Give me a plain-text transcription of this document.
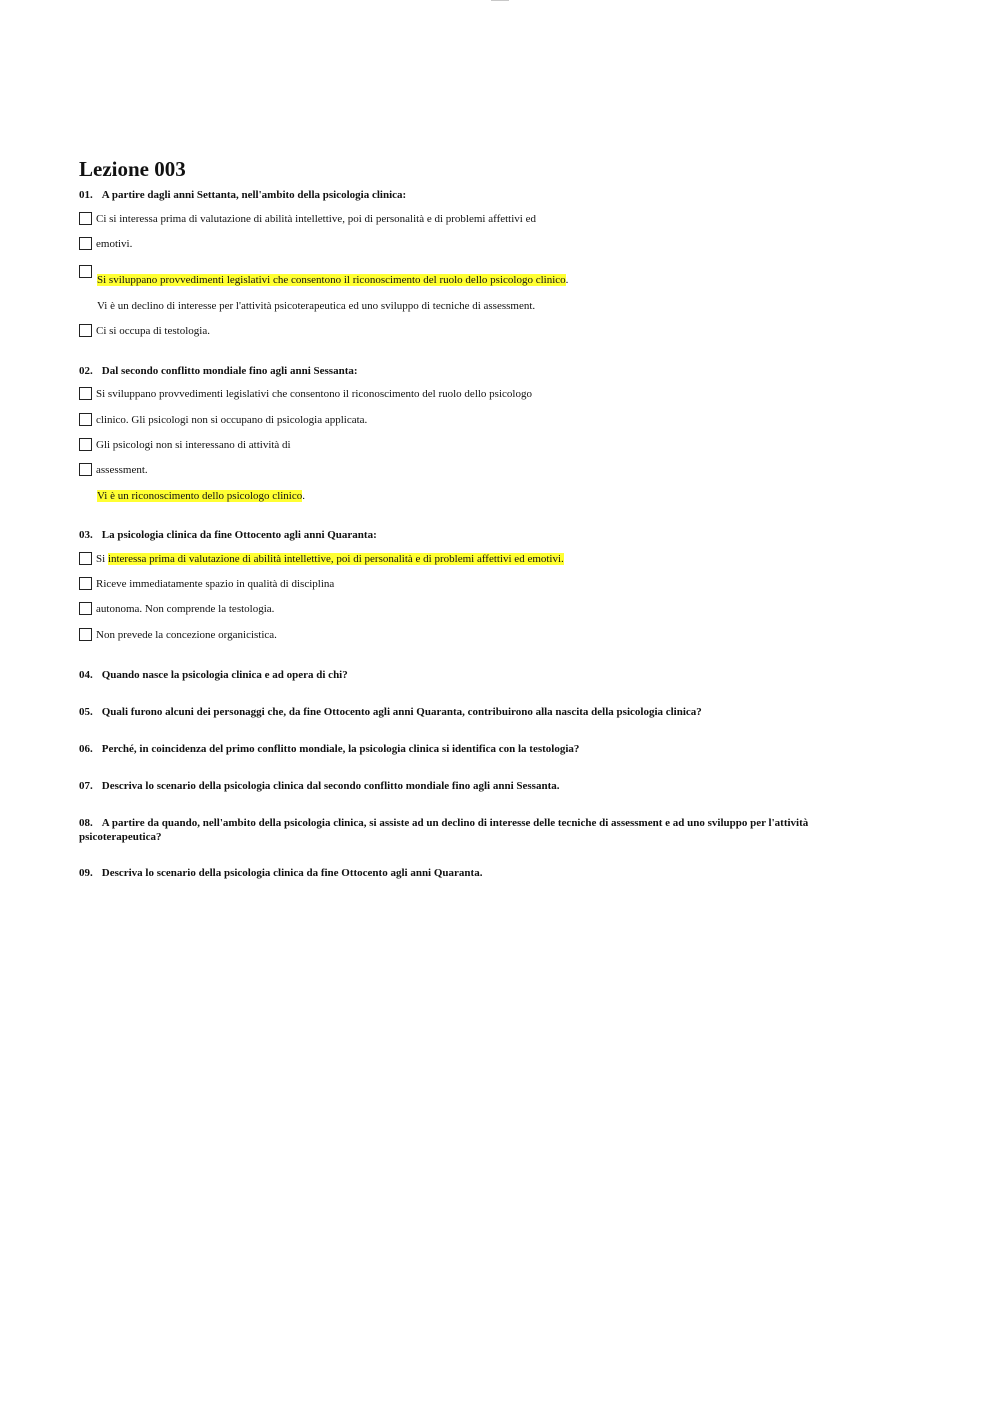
Lezione 003
01. A partire dagli anni Settanta, nell'ambito della psicologia clinica:
Ci si interessa prima di valutazione di abilità intellettive, poi di personalità e di problemi affettivi ed
emotivi.
Si sviluppano provvedimenti legislativi che consentono il riconoscimento del ruolo dello psicologo clinico.
Vi è un declino di interesse per l'attività psicoterapeutica ed uno sviluppo di tecniche di assessment.
Ci si occupa di testologia.
02. Dal secondo conflitto mondiale fino agli anni Sessanta:
Si sviluppano provvedimenti legislativi che consentono il riconoscimento del ruolo dello psicologo
clinico. Gli psicologi non si occupano di psicologia applicata.
Gli psicologi non si interessano di attività di
assessment.
Vi è un riconoscimento dello psicologo clinico.
03. La psicologia clinica da fine Ottocento agli anni Quaranta:
Si interessa prima di valutazione di abilità intellettive, poi di personalità e di problemi affettivi ed emotivi.
Riceve immediatamente spazio in qualità di disciplina
autonoma. Non comprende la testologia.
Non prevede la concezione organicistica.
04. Quando nasce la psicologia clinica e ad opera di chi?
05. Quali furono alcuni dei personaggi che, da fine Ottocento agli anni Quaranta, contribuirono alla nascita della psicologia clinica?
06. Perché, in coincidenza del primo conflitto mondiale, la psicologia clinica si identifica con la testologia?
07. Descriva lo scenario della psicologia clinica dal secondo conflitto mondiale fino agli anni Sessanta.
08. A partire da quando, nell'ambito della psicologia clinica, si assiste ad un declino di interesse delle tecniche di assessment e ad uno sviluppo per l'attività psicoterapeutica?
09. Descriva lo scenario della psicologia clinica da fine Ottocento agli anni Quaranta.
